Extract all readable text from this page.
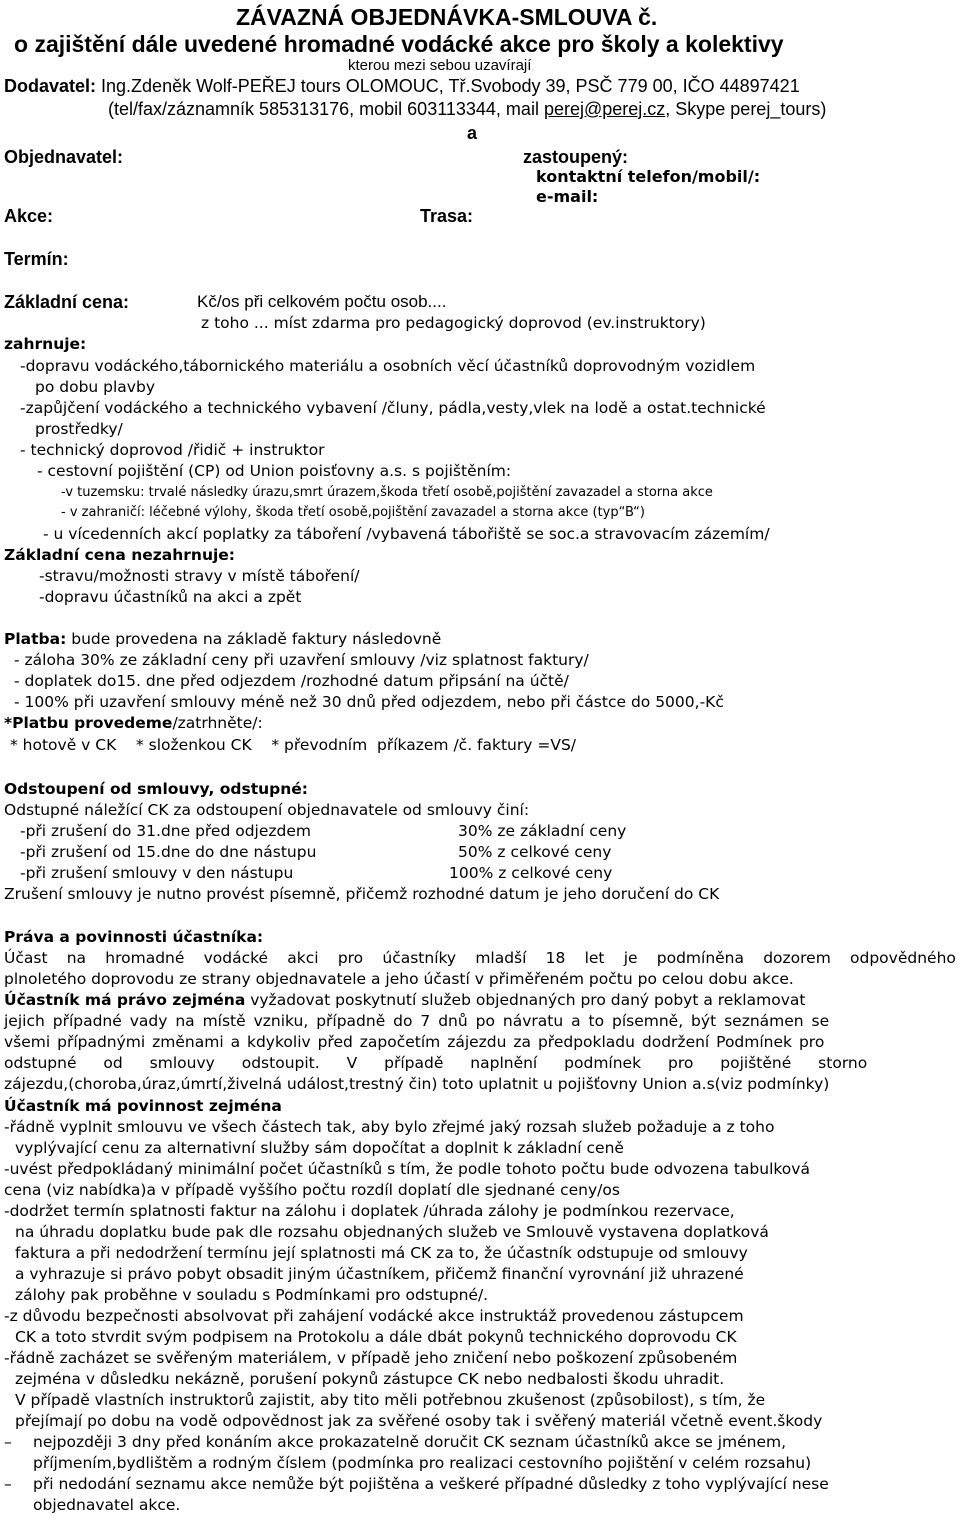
ZÁVAZNÁ OBJEDNÁVKA-SMLOUVA č.
o zajištění dále uvedené hromadné vodácké akce pro školy a kolektivy
kterou mezi sebou uzavírají
Dodavatel: Ing.Zdeněk Wolf-PEŘEJ tours OLOMOUC, Tř.Svobody 39, PSČ 779 00, IČO 44897421
(tel/fax/záznamník 585313176, mobil 603113344, mail perej@perej.cz, Skype perej_tours)
a
Objednavatel:	zastoupený:
kontaktní telefon/mobil/:
e-mail:
Akce:	Trasa:
Termín:
Základní cena:	Kč/os při celkovém počtu osob....
z toho ... míst zdarma pro pedagogický doprovod (ev.instruktory)
zahrnuje:
-dopravu vodáckého,tábornického materiálu a osobních věcí účastníků doprovodným vozidlem
po dobu plavby
-zapůjčení vodáckého a technického vybavení /čluny, pádla,vesty,vlek na lodě a ostat.technické
prostředky/
- technický doprovod /řidič + instruktor
- cestovní pojištění (CP) od Union poisťovny a.s. s pojištěním:
-v tuzemsku: trvalé následky úrazu,smrt úrazem,škoda třetí osobě,pojištění zavazadel a storna akce
- v zahraničí: léčebné výlohy, škoda třetí osobě,pojištění zavazadel a storna akce (typ“B“)
- u vícedenních akcí poplatky za táboření /vybavená tábořiště se soc.a stravovacím zázemím/
Základní cena nezahrnuje:
-stravu/možnosti stravy v místě táboření/
-dopravu účastníků na akci a zpět
Platba: bude provedena na základě faktury následovně
- záloha 30% ze základní ceny při uzavření smlouvy /viz splatnost faktury/
- doplatek do15. dne před odjezdem /rozhodné datum připsání na účtě/
- 100% při uzavření smlouvy méně než 30 dnů před odjezdem, nebo při částce do 5000,-Kč
*Platbu provedeme/zatrhněte/:
* hotově v CK    * složenkou CK    * převodním  příkazem /č. faktury =VS/
Odstoupení od smlouvy, odstupné:
Odstupné náležící CK za odstoupení objednavatele od smlouvy činí:
-při zrušení do 31.dne před odjezdem	30% ze základní ceny
-při zrušení od 15.dne do dne nástupu	50% z celkové ceny
-při zrušení smlouvy v den nástupu	100% z celkové ceny
Zrušení smlouvy je nutno provést písemně, přičemž rozhodné datum je jeho doručení do CK
Práva a povinnosti účastníka:
Účast na hromadné vodácké akci pro účastníky mladší 18 let je podmíněna dozorem odpovědného
plnoletého doprovodu ze strany objednavatele a jeho účastí v přiměřeném počtu po celou dobu akce.
Účastník má právo zejména vyžadovat poskytnutí služeb objednaných pro daný pobyt a reklamovat
jejich případné vady na místě vzniku, případně do 7 dnů po návratu a to písemně, být seznámen se
všemi případnými změnami a kdykoliv před započetím zájezdu za předpokladu dodržení Podmínek pro
odstupné od smlouvy odstoupit. V případě naplnění podmínek pro pojištěné storno
zájezdu,(choroba,úraz,úmrtí,živelná událost,trestný čin) toto uplatnit u pojišťovny Union a.s(viz podmínky)
Účastník má povinnost zejména
-řádně vyplnit smlouvu ve všech částech tak, aby bylo zřejmé jaký rozsah služeb požaduje a z toho
vyplývající cenu za alternativní služby sám dopočítat a doplnit k základní ceně
-uvést předpokládaný minimální počet účastníků s tím, že podle tohoto počtu bude odvozena tabulková
cena (viz nabídka)a v případě vyššího počtu rozdíl doplatí dle sjednané ceny/os
-dodržet termín splatnosti faktur na zálohu i doplatek /úhrada zálohy je podmínkou rezervace,
na úhradu doplatku bude pak dle rozsahu objednaných služeb ve Smlouvě vystavena doplatková
faktura a při nedodržení termínu její splatnosti má CK za to, že účastník odstupuje od smlouvy
a vyhrazuje si právo pobyt obsadit jiným účastníkem, přičemž finanční vyrovnání již uhrazené
zálohy pak proběhne v souladu s Podmínkami pro odstupné/.
-z důvodu bezpečnosti absolvovat při zahájení vodácké akce instruktáž provedenou zástupcem
CK a toto stvrdit svým podpisem na Protokolu a dále dbát pokynů technického doprovodu CK
-řádně zacházet se svěřeným materiálem, v případě jeho zničení nebo poškození způsobeném
zejména v důsledku nekázně, porušení pokynů zástupce CK nebo nedbalosti škodu uhradit.
V případě vlastních instruktorů zajistit, aby tito měli potřebnou zkušenost (způsobilost), s tím, že
přejímají po dobu na vodě odpovědnost jak za svěřené osoby tak i svěřený materiál včetně event.škody
– nejpozději 3 dny před konáním akce prokazatelně doručit CK seznam účastníků akce se jménem,
příjmením,bydlištěm a rodným číslem (podmínka pro realizaci cestovního pojištění v celém rozsahu)
– při nedodání seznamu akce nemůže být pojištěna a veškeré případné důsledky z toho vyplývající nese
objednavatel akce.
